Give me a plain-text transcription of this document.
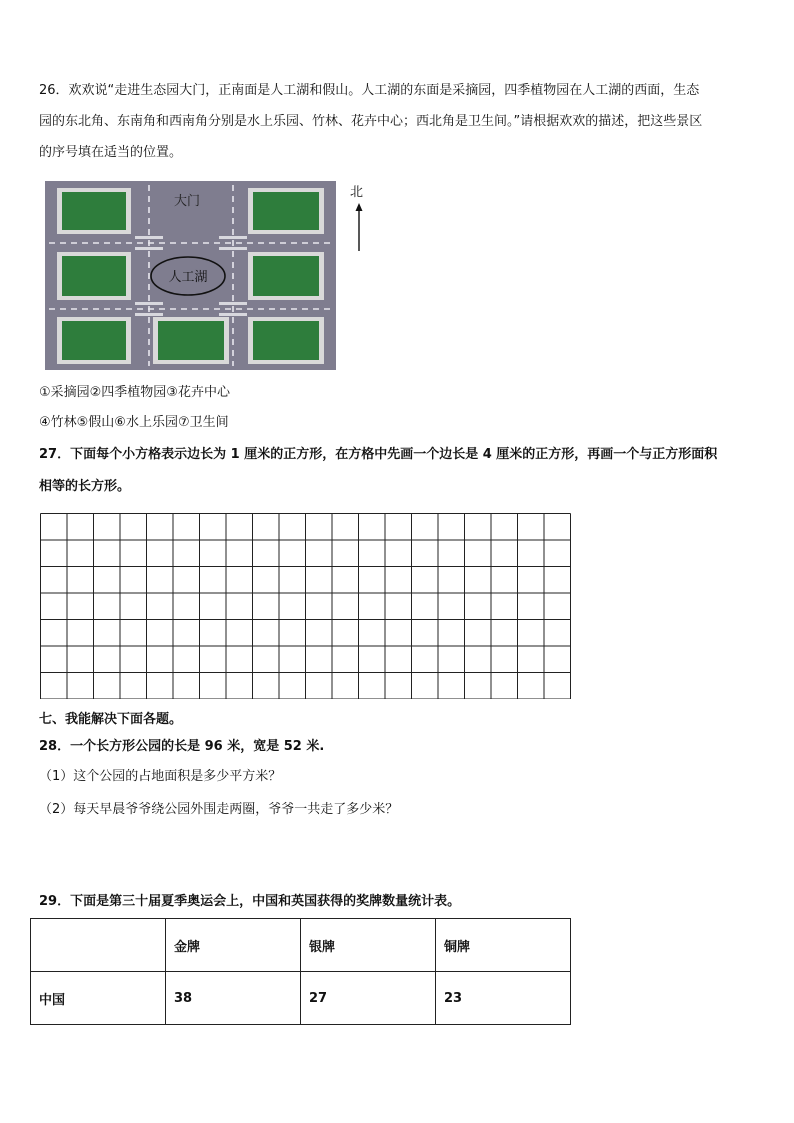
26．欢欢说“走进生态园大门，正南面是人工湖和假山。人工湖的东面是采摘园，四季植物园在人工湖的西面，生态
园的东北角、东南角和西南角分别是水上乐园、竹林、花卉中心；西北角是卫生间。”请根据欢欢的描述，把这些景区
的序号填在适当的位置。
人工湖
大门
北
①采摘园②四季植物园③花卉中心
④竹林⑤假山⑥水上乐园⑦卫生间
27．下面每个小方格表示边长为 1 厘米的正方形，在方格中先画一个边长是 4 厘米的正方形，再画一个与正方形面积
相等的长方形。
七、我能解决下面各题。
28．一个长方形公园的长是 96 米，宽是 52 米.
（1）这个公园的占地面积是多少平方米？
（2）每天早晨爷爷绕公园外围走两圈，爷爷一共走了多少米？
29．下面是第三十届夏季奥运会上，中国和英国获得的奖牌数量统计表。
	金牌	银牌	铜牌
中国	38	27	23
